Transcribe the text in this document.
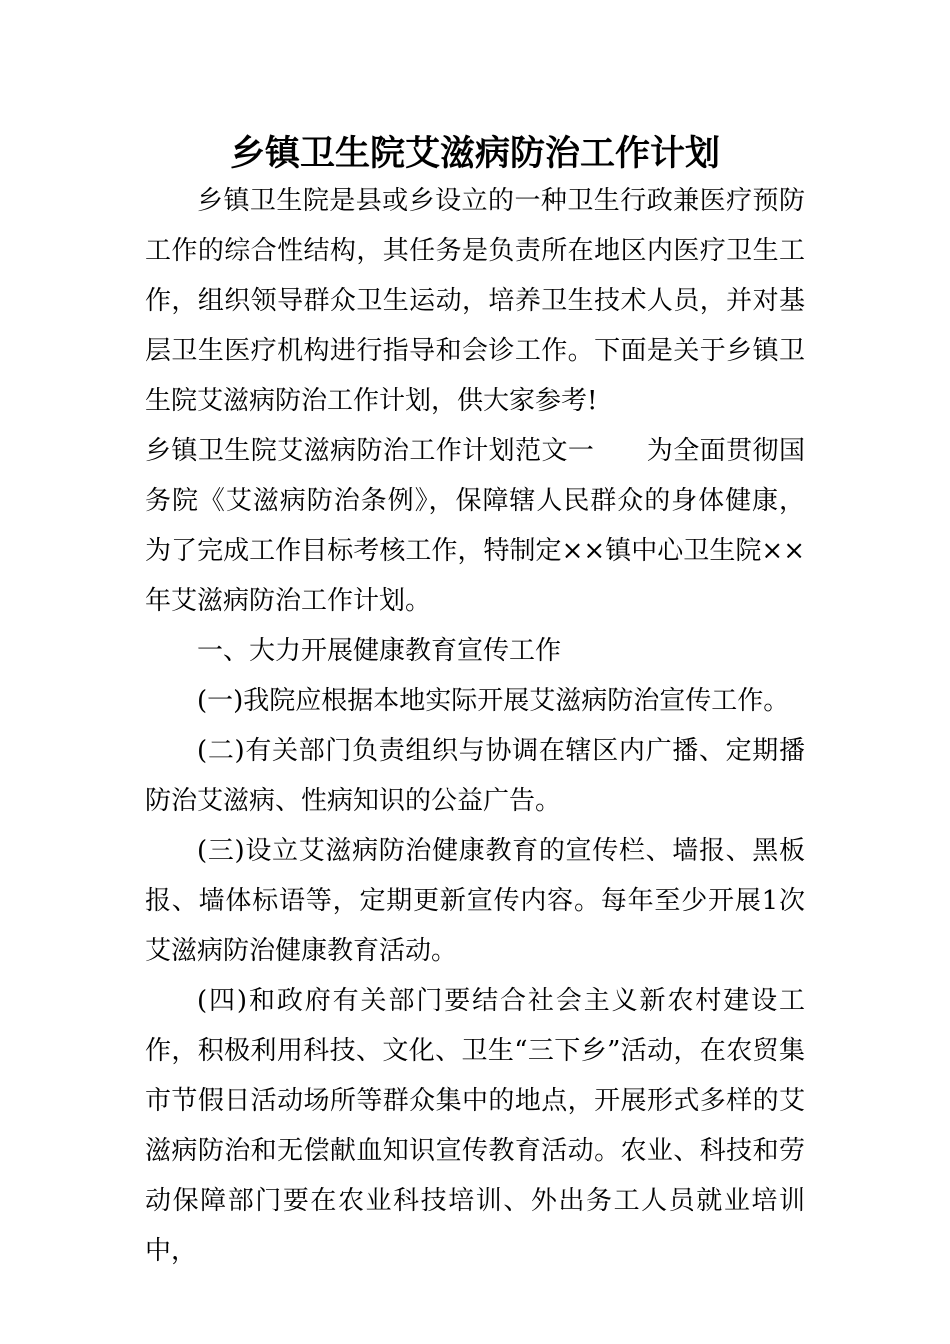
乡镇卫生院艾滋病防治工作计划

乡镇卫生院是县或乡设立的一种卫生行政兼医疗预防工作的综合性结构，其任务是负责所在地区内医疗卫生工作，组织领导群众卫生运动，培养卫生技术人员，并对基层卫生医疗机构进行指导和会诊工作。下面是关于乡镇卫生院艾滋病防治工作计划，供大家参考!

乡镇卫生院艾滋病防治工作计划范文一 为全面贯彻国务院《艾滋病防治条例》，保障辖人民群众的身体健康，为了完成工作目标考核工作，特制定××镇中心卫生院××年艾滋病防治工作计划。

一、大力开展健康教育宣传工作

(一)我院应根据本地实际开展艾滋病防治宣传工作。

(二)有关部门负责组织与协调在辖区内广播、定期播防治艾滋病、性病知识的公益广告。

(三)设立艾滋病防治健康教育的宣传栏、墙报、黑板报、墙体标语等，定期更新宣传内容。每年至少开展1次艾滋病防治健康教育活动。

(四)和政府有关部门要结合社会主义新农村建设工作，积极利用科技、文化、卫生“三下乡”活动，在农贸集市节假日活动场所等群众集中的地点，开展形式多样的艾滋病防治和无偿献血知识宣传教育活动。农业、科技和劳动保障部门要在农业科技培训、外出务工人员就业培训中，
